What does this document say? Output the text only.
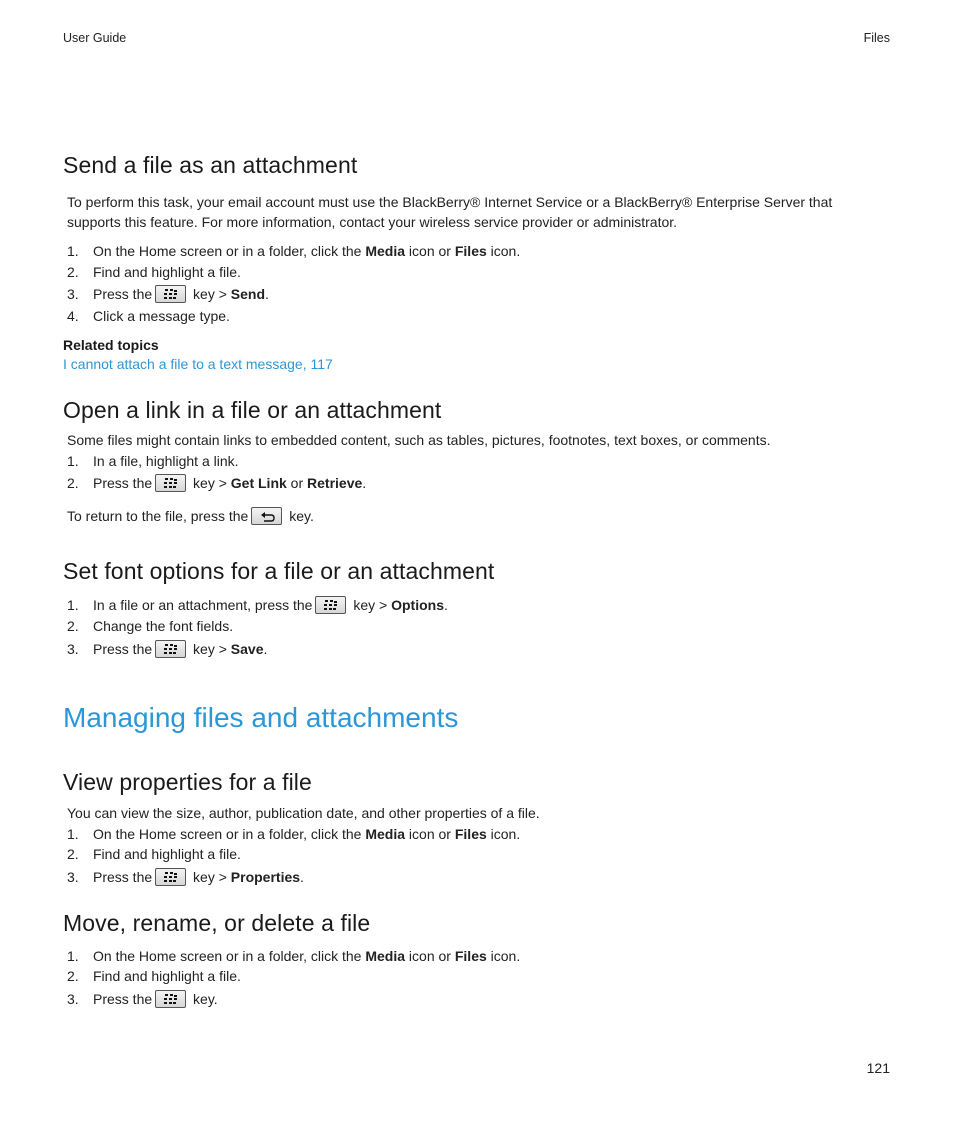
User Guide	Files
Send a file as an attachment
To perform this task, your email account must use the BlackBerry® Internet Service or a BlackBerry® Enterprise Server that
supports this feature. For more information, contact your wireless service provider or administrator.
1.	On the Home screen or in a folder, click the Media icon or Files icon.
2.	Find and highlight a file.
3.	Press the	key > Send .
4.	Click a message type.
Related topics
I cannot attach a file to a text message, 117
Open a link in a file or an attachment
Some files might contain links to embedded content, such as tables, pictures, footnotes, text boxes, or comments.
1.	In a file, highlight a link.
2.	Press the	key > Get Link or Retrieve .
To return to the file, press the	key.
Set font options for a file or an attachment
1.	In a file or an attachment, press the	key > Options .
2.	Change the font fields.
3.	Press the	key > Save .
Managing files and attachments
View properties for a file
You can view the size, author, publication date, and other properties of a file.
1.	On the Home screen or in a folder, click the Media icon or Files icon.
2.	Find and highlight a file.
3.	Press the	key > Properties .
Move, rename, or delete a file
1.	On the Home screen or in a folder, click the Media icon or Files icon.
2.	Find and highlight a file.
3.	Press the	key.
121
